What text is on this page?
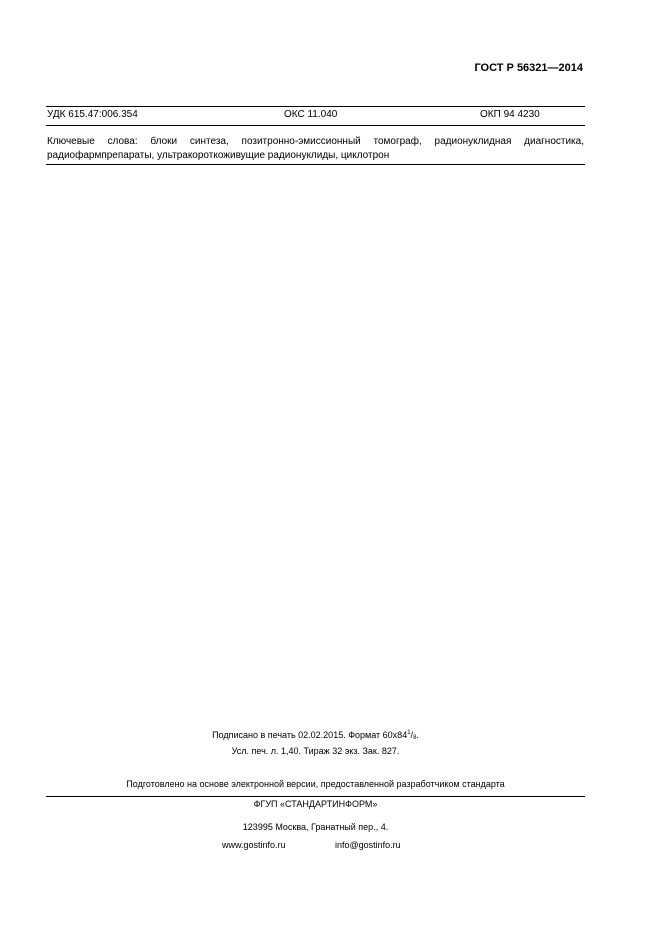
ГОСТ Р 56321—2014
УДК 615.47:006.354	ОКС 11.040	ОКП 94 4230
Ключевые слова: блоки синтеза, позитронно-эмиссионный томограф, радионуклидная диагностика,
радиофармпрепараты, ультракороткоживущие радионуклиды, циклотрон
Подписано в печать 02.02.2015. Формат $60х84^1/_8$.
Усл. печ. л. 1,40. Тираж 32 экз. Зак. 827.
Подготовлено на основе электронной версии, предоставленной разработчиком стандарта
ФГУП «СТАНДАРТИНФОРМ»
123995 Москва, Гранатный пер., 4.
www.gostinfo.ru	info@gostinfo.ru
